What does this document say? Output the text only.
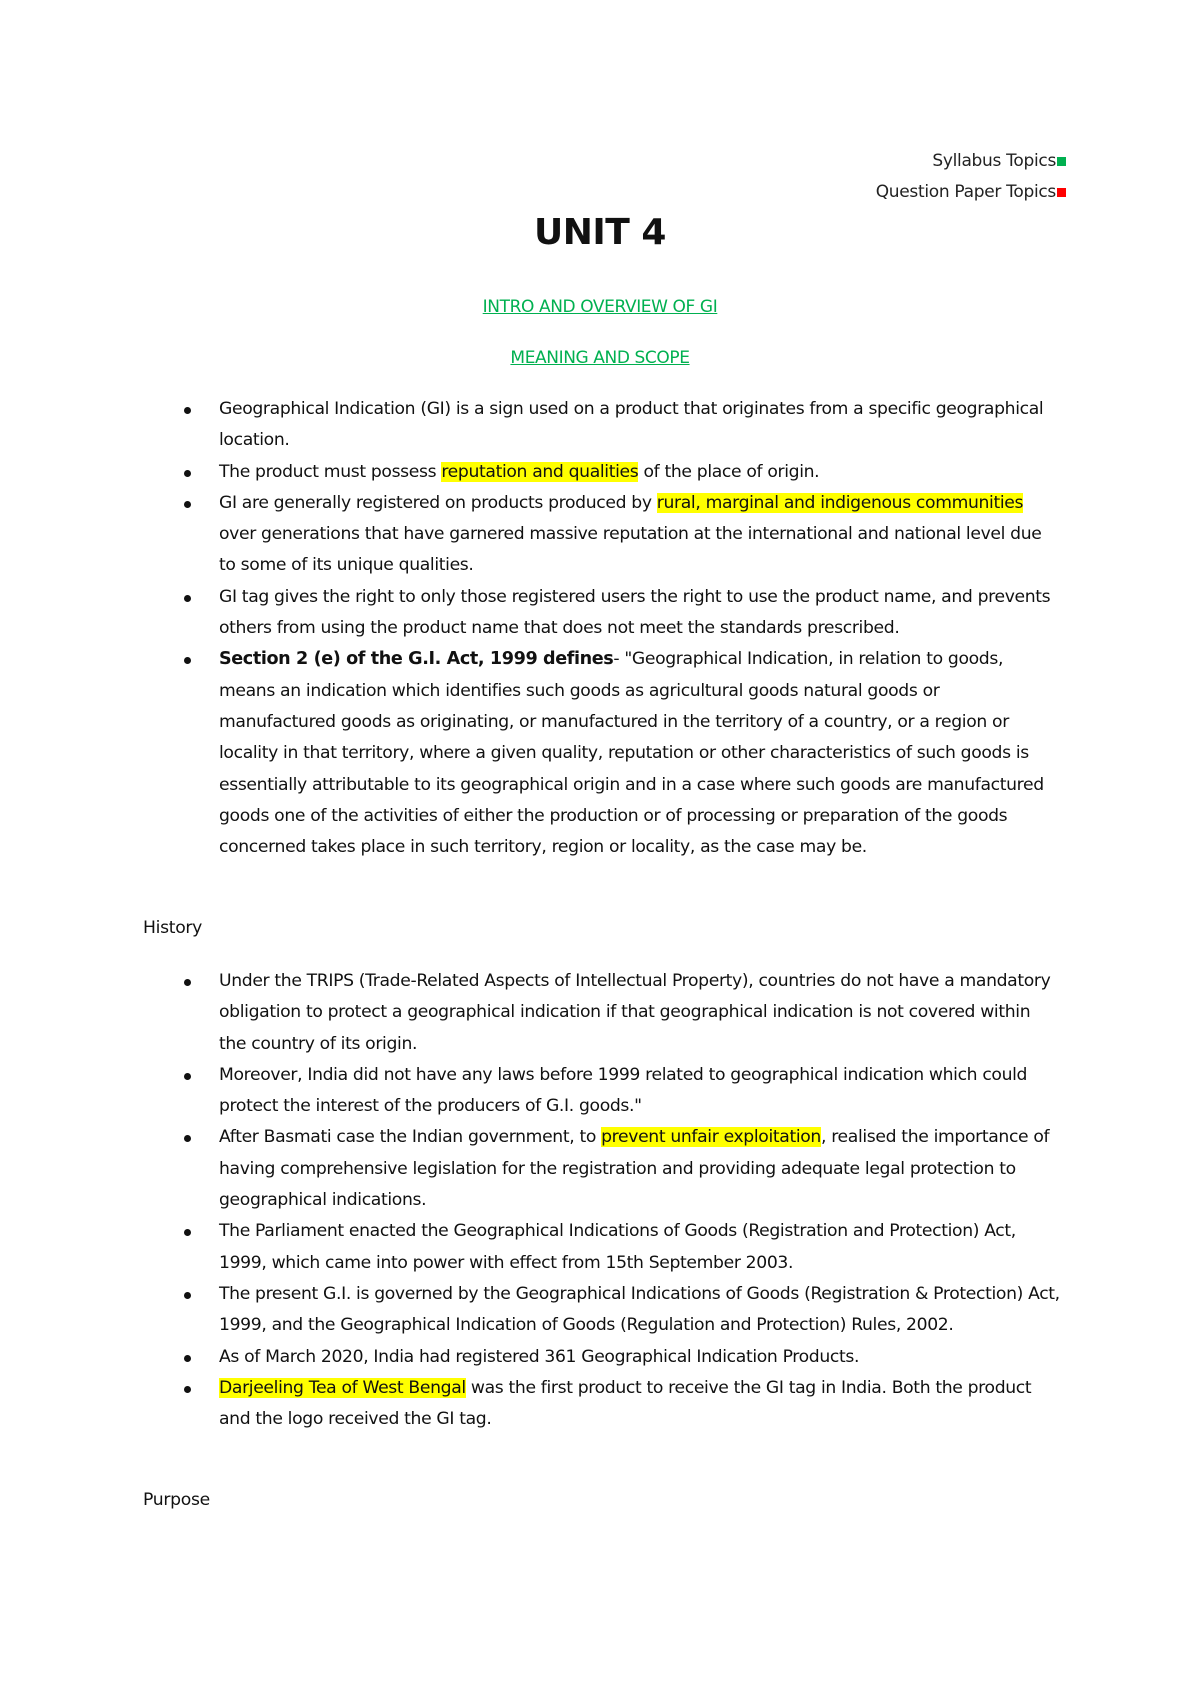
Syllabus Topics
Question Paper Topics
UNIT 4
INTRO AND OVERVIEW OF GI
MEANING AND SCOPE
Geographical Indication (GI) is a sign used on a product that originates from a specific geographical location.
The product must possess reputation and qualities of the place of origin.
GI are generally registered on products produced by rural, marginal and indigenous communities over generations that have garnered massive reputation at the international and national level due to some of its unique qualities.
GI tag gives the right to only those registered users the right to use the product name, and prevents others from using the product name that does not meet the standards prescribed.
Section 2 (e) of the G.I. Act, 1999 defines- "Geographical Indication, in relation to goods, means an indication which identifies such goods as agricultural goods natural goods or manufactured goods as originating, or manufactured in the territory of a country, or a region or locality in that territory, where a given quality, reputation or other characteristics of such goods is essentially attributable to its geographical origin and in a case where such goods are manufactured goods one of the activities of either the production or of processing or preparation of the goods concerned takes place in such territory, region or locality, as the case may be.
History
Under the TRIPS (Trade-Related Aspects of Intellectual Property), countries do not have a mandatory obligation to protect a geographical indication if that geographical indication is not covered within the country of its origin.
Moreover, India did not have any laws before 1999 related to geographical indication which could protect the interest of the producers of G.I. goods."
After Basmati case the Indian government, to prevent unfair exploitation, realised the importance of having comprehensive legislation for the registration and providing adequate legal protection to geographical indications.
The Parliament enacted the Geographical Indications of Goods (Registration and Protection) Act, 1999, which came into power with effect from 15th September 2003.
The present G.I. is governed by the Geographical Indications of Goods (Registration & Protection) Act, 1999, and the Geographical Indication of Goods (Regulation and Protection) Rules, 2002.
As of March 2020, India had registered 361 Geographical Indication Products.
Darjeeling Tea of West Bengal was the first product to receive the GI tag in India. Both the product and the logo received the GI tag.
Purpose
